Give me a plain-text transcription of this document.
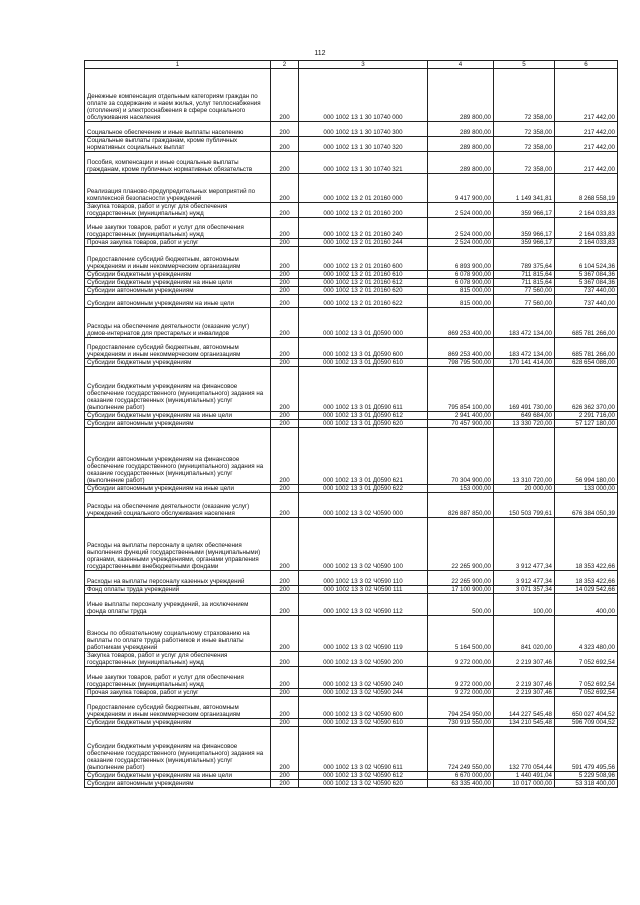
112
1	2	3	4	5	6
Денежные компенсация отдельным категориям граждан по оплате за содержание и наем жилья, услуг теплоснабжения (отопления) и электроснабжения в сфере социального обслуживания населения	200	000 1002 13 1 30 10740 000	289 800,00	72 358,00	217 442,00
Социальное обеспечение и иные выплаты населению	200	000 1002 13 1 30 10740 300	289 800,00	72 358,00	217 442,00
Социальные выплаты гражданам, кроме публичных нормативных социальных выплат	200	000 1002 13 1 30 10740 320	289 800,00	72 358,00	217 442,00
Пособия, компенсации и иные социальные выплаты гражданам, кроме публичных нормативных обязательств	200	000 1002 13 1 30 10740 321	289 800,00	72 358,00	217 442,00
Реализация планово-предупредительных мероприятий по комплексной безопасности учреждений	200	000 1002 13 2 01 20160 000	9 417 900,00	1 149 341,81	8 268 558,19
Закупка товаров, работ и услуг для обеспечения государственных (муниципальных) нужд	200	000 1002 13 2 01 20160 200	2 524 000,00	359 966,17	2 164 033,83
Иные закупки товаров, работ и услуг для обеспечения государственных (муниципальных) нужд	200	000 1002 13 2 01 20160 240	2 524 000,00	359 966,17	2 164 033,83
Прочая закупка товаров, работ и услуг	200	000 1002 13 2 01 20160 244	2 524 000,00	359 966,17	2 164 033,83
Предоставление субсидий бюджетным, автономным учреждениям и иным некоммерческим организациям	200	000 1002 13 2 01 20160 600	6 893 900,00	789 375,64	6 104 524,36
Субсидии бюджетным учреждениям	200	000 1002 13 2 01 20160 610	6 078 900,00	711 815,64	5 367 084,36
Субсидии бюджетным учреждениям на иные цели	200	000 1002 13 2 01 20160 612	6 078 900,00	711 815,64	5 367 084,36
Субсидии автономным учреждениям	200	000 1002 13 2 01 20160 620	815 000,00	77 560,00	737 440,00
Субсидии автономным учреждениям на иные цели	200	000 1002 13 2 01 20160 622	815 000,00	77 560,00	737 440,00
Расходы на обеспечение деятельности (оказание услуг) домов-интернатов для престарелых и инвалидов	200	000 1002 13 3 01 Д0590 000	869 253 400,00	183 472 134,00	685 781 266,00
Предоставление субсидий бюджетным, автономным учреждениям и иным некоммерческим организациям	200	000 1002 13 3 01 Д0590 600	869 253 400,00	183 472 134,00	685 781 266,00
Субсидии бюджетным учреждениям	200	000 1002 13 3 01 Д0590 610	798 795 500,00	170 141 414,00	628 654 086,00
Субсидии бюджетным учреждениям на финансовое обеспечение государственного (муниципального) задания на оказание государственных (муниципальных) услуг (выполнение работ)	200	000 1002 13 3 01 Д0590 611	795 854 100,00	169 491 730,00	626 362 370,00
Субсидии бюджетным учреждениям на иные цели	200	000 1002 13 3 01 Д0590 612	2 941 400,00	649 684,00	2 291 716,00
Субсидии автономным учреждениям	200	000 1002 13 3 01 Д0590 620	70 457 900,00	13 330 720,00	57 127 180,00
Субсидии автономным учреждениям на финансовое обеспечение государственного (муниципального) задания на оказание государственных (муниципальных) услуг (выполнение работ)	200	000 1002 13 3 01 Д0590 621	70 304 900,00	13 310 720,00	56 994 180,00
Субсидии автономным учреждениям на иные цели	200	000 1002 13 3 01 Д0590 622	153 000,00	20 000,00	133 000,00
Расходы на обеспечение деятельности (оказание услуг) учреждений социального обслуживания населения	200	000 1002 13 3 02 Ч0590 000	826 887 850,00	150 503 799,61	676 384 050,39
Расходы на выплаты персоналу в целях обеспечения выполнения функций государственными (муниципальными) органами, казенными учреждениями, органами управления государственными внебюджетными фондами	200	000 1002 13 3 02 Ч0590 100	22 265 900,00	3 912 477,34	18 353 422,66
Расходы на выплаты персоналу казенных учреждений	200	000 1002 13 3 02 Ч0590 110	22 265 900,00	3 912 477,34	18 353 422,66
Фонд оплаты труда учреждений	200	000 1002 13 3 02 Ч0590 111	17 100 900,00	3 071 357,34	14 029 542,66
Иные выплаты персоналу учреждений, за исключением фонда оплаты труда	200	000 1002 13 3 02 Ч0590 112	500,00	100,00	400,00
Взносы по обязательному социальному страхованию на выплаты по оплате труда работников и иные выплаты работникам учреждений	200	000 1002 13 3 02 Ч0590 119	5 164 500,00	841 020,00	4 323 480,00
Закупка товаров, работ и услуг для обеспечения государственных (муниципальных) нужд	200	000 1002 13 3 02 Ч0590 200	9 272 000,00	2 219 307,46	7 052 692,54
Иные закупки товаров, работ и услуг для обеспечения государственных (муниципальных) нужд	200	000 1002 13 3 02 Ч0590 240	9 272 000,00	2 219 307,46	7 052 692,54
Прочая закупка товаров, работ и услуг	200	000 1002 13 3 02 Ч0590 244	9 272 000,00	2 219 307,46	7 052 692,54
Предоставление субсидий бюджетным, автономным учреждениям и иным некоммерческим организациям	200	000 1002 13 3 02 Ч0590 600	794 254 950,00	144 227 545,48	650 027 404,52
Субсидии бюджетным учреждениям	200	000 1002 13 3 02 Ч0590 610	730 919 550,00	134 210 545,48	596 709 004,52
Субсидии бюджетным учреждениям на финансовое обеспечение государственного (муниципального) задания на оказание государственных (муниципальных) услуг (выполнение работ)	200	000 1002 13 3 02 Ч0590 611	724 249 550,00	132 770 054,44	591 479 495,56
Субсидии бюджетным учреждениям на иные цели	200	000 1002 13 3 02 Ч0590 612	6 670 000,00	1 440 491,04	5 229 508,96
Субсидии автономным учреждениям	200	000 1002 13 3 02 Ч0590 620	63 335 400,00	10 017 000,00	53 318 400,00
